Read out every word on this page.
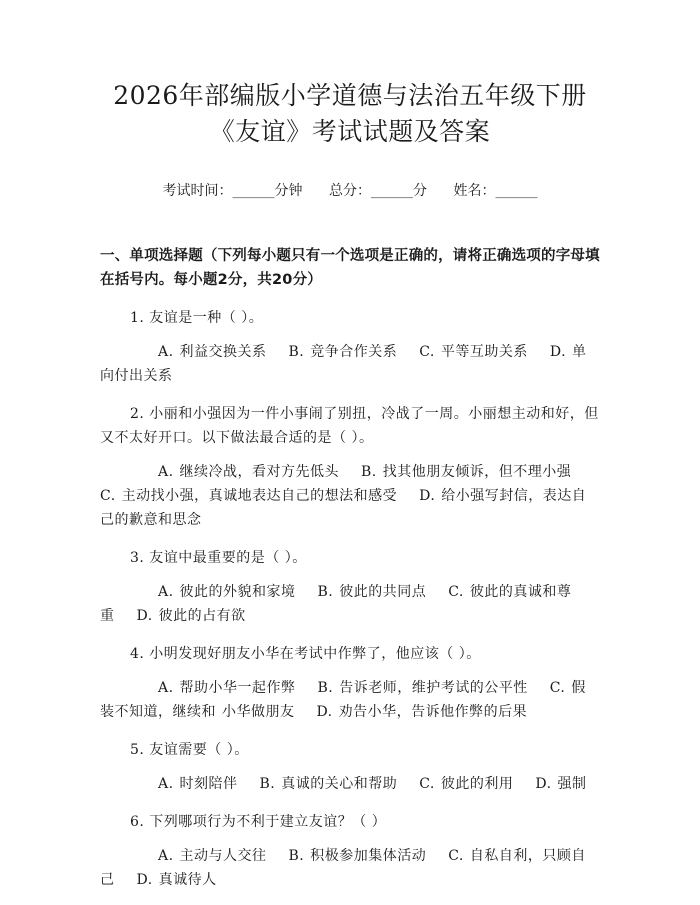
2026年部编版小学道德与法治五年级下册
《友谊》考试试题及答案
考试时间：______分钟 总分：______分 姓名：______
一、单项选择题（下列每小题只有一个选项是正确的，请将正确选项的字母填在括号内。每小题2分，共20分）
1. 友谊是一种（ ）。
A. 利益交换关系 B. 竞争合作关系 C. 平等互助关系 D. 单向付出关系
2. 小丽和小强因为一件小事闹了别扭，冷战了一周。小丽想主动和好，但又不太好开口。以下做法最合适的是（ ）。
A. 继续冷战，看对方先低头 B. 找其他朋友倾诉，但不理小强C. 主动找小强，真诚地表达自己的想法和感受 D. 给小强写封信，表达自己的歉意和思念
3. 友谊中最重要的是（ ）。
A. 彼此的外貌和家境 B. 彼此的共同点 C. 彼此的真诚和尊重 D. 彼此的占有欲
4. 小明发现好朋友小华在考试中作弊了，他应该（ ）。
A. 帮助小华一起作弊 B. 告诉老师，维护考试的公平性 C. 假装不知道，继续和 小华做朋友 D. 劝告小华，告诉他作弊的后果
5. 友谊需要（ ）。
A. 时刻陪伴 B. 真诚的关心和帮助 C. 彼此的利用 D. 强制
6. 下列哪项行为不利于建立友谊？（ ）
A. 主动与人交往 B. 积极参加集体活动 C. 自私自利，只顾自己 D. 真诚待人
